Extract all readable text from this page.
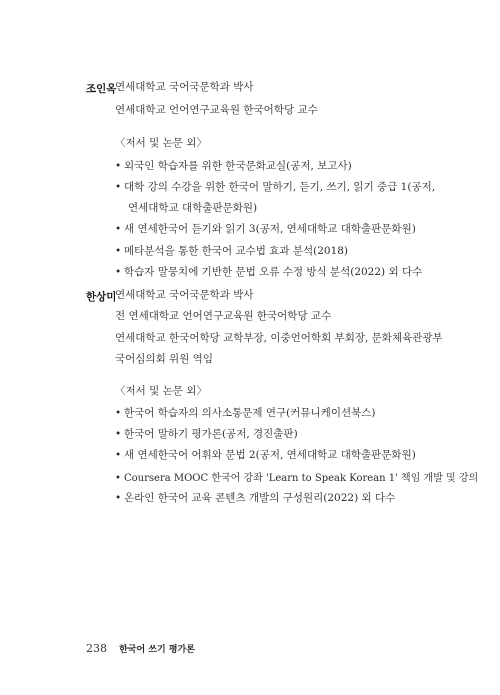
조인옥
연세대학교 국어국문학과 박사
연세대학교 언어연구교육원 한국어학당 교수
〈저서 및 논문 외〉
• 외국인 학습자를 위한 한국문화교실(공저, 보고사)
• 대학 강의 수강을 위한 한국어 말하기, 듣기, 쓰기, 읽기 중급 1(공저,
연세대학교 대학출판문화원)
• 새 연세한국어 듣기와 읽기 3(공저, 연세대학교 대학출판문화원)
• 메타분석을 통한 한국어 교수법 효과 분석(2018)
• 학습자 말뭉치에 기반한 문법 오류 수정 방식 분석(2022) 외 다수
한상미
연세대학교 국어국문학과 박사
전 연세대학교 언어연구교육원 한국어학당 교수
연세대학교 한국어학당 교학부장, 이중언어학회 부회장, 문화체육관광부
국어심의회 위원 역임
〈저서 및 논문 외〉
• 한국어 학습자의 의사소통문제 연구(커뮤니케이션북스)
• 한국어 말하기 평가론(공저, 경진출판)
• 새 연세한국어 어휘와 문법 2(공저, 연세대학교 대학출판문화원)
• Coursera MOOC 한국어 강좌 'Learn to Speak Korean 1' 책임 개발 및 강의
• 온라인 한국어 교육 콘텐츠 개발의 구성원리(2022) 외 다수
238 한국어 쓰기 평가론
